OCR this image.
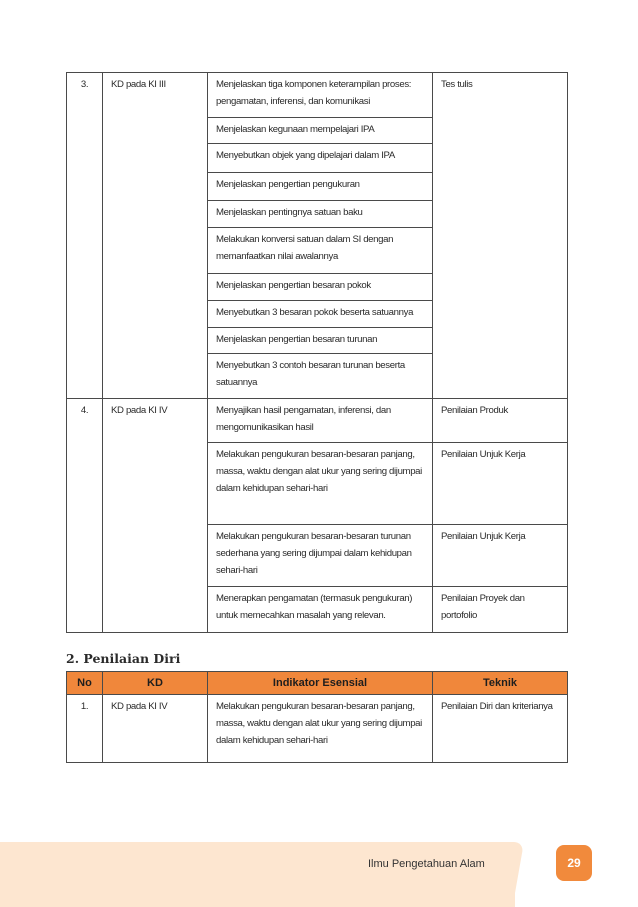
3.	KD pada KI III	Menjelaskan tiga komponen keterampilan proses: pengamatan, inferensi, dan komunikasi	Tes tulis
		Menjelaskan kegunaan mempelajari IPA	
		Menyebutkan objek yang dipelajari dalam IPA	
		Menjelaskan pengertian pengukuran	
		Menjelaskan pentingnya satuan baku	
		Melakukan konversi satuan dalam SI dengan memanfaatkan nilai awalannya	
		Menjelaskan pengertian besaran pokok	
		Menyebutkan 3 besaran pokok beserta satuannya	
		Menjelaskan pengertian besaran turunan	
		Menyebutkan 3 contoh besaran turunan beserta satuannya	
4.	KD pada KI IV	Menyajikan hasil pengamatan, inferensi, dan mengomunikasikan hasil	Penilaian Produk
		Melakukan pengukuran besaran-besaran panjang, massa, waktu dengan alat ukur yang sering dijumpai dalam kehidupan sehari-hari	Penilaian Unjuk Kerja
		Melakukan pengukuran besaran-besaran turunan sederhana yang sering dijumpai dalam kehidupan sehari-hari	Penilaian Unjuk Kerja
		Menerapkan pengamatan (termasuk pengukuran) untuk memecahkan masalah yang relevan.	Penilaian Proyek dan portofolio
2. Penilaian Diri
No	KD	Indikator Esensial	Teknik
1.	KD pada KI IV	Melakukan pengukuran besaran-besaran panjang, massa, waktu dengan alat ukur yang sering dijumpai dalam kehidupan sehari-hari	Penilaian Diri dan kriterianya
Ilmu Pengetahuan Alam	29
